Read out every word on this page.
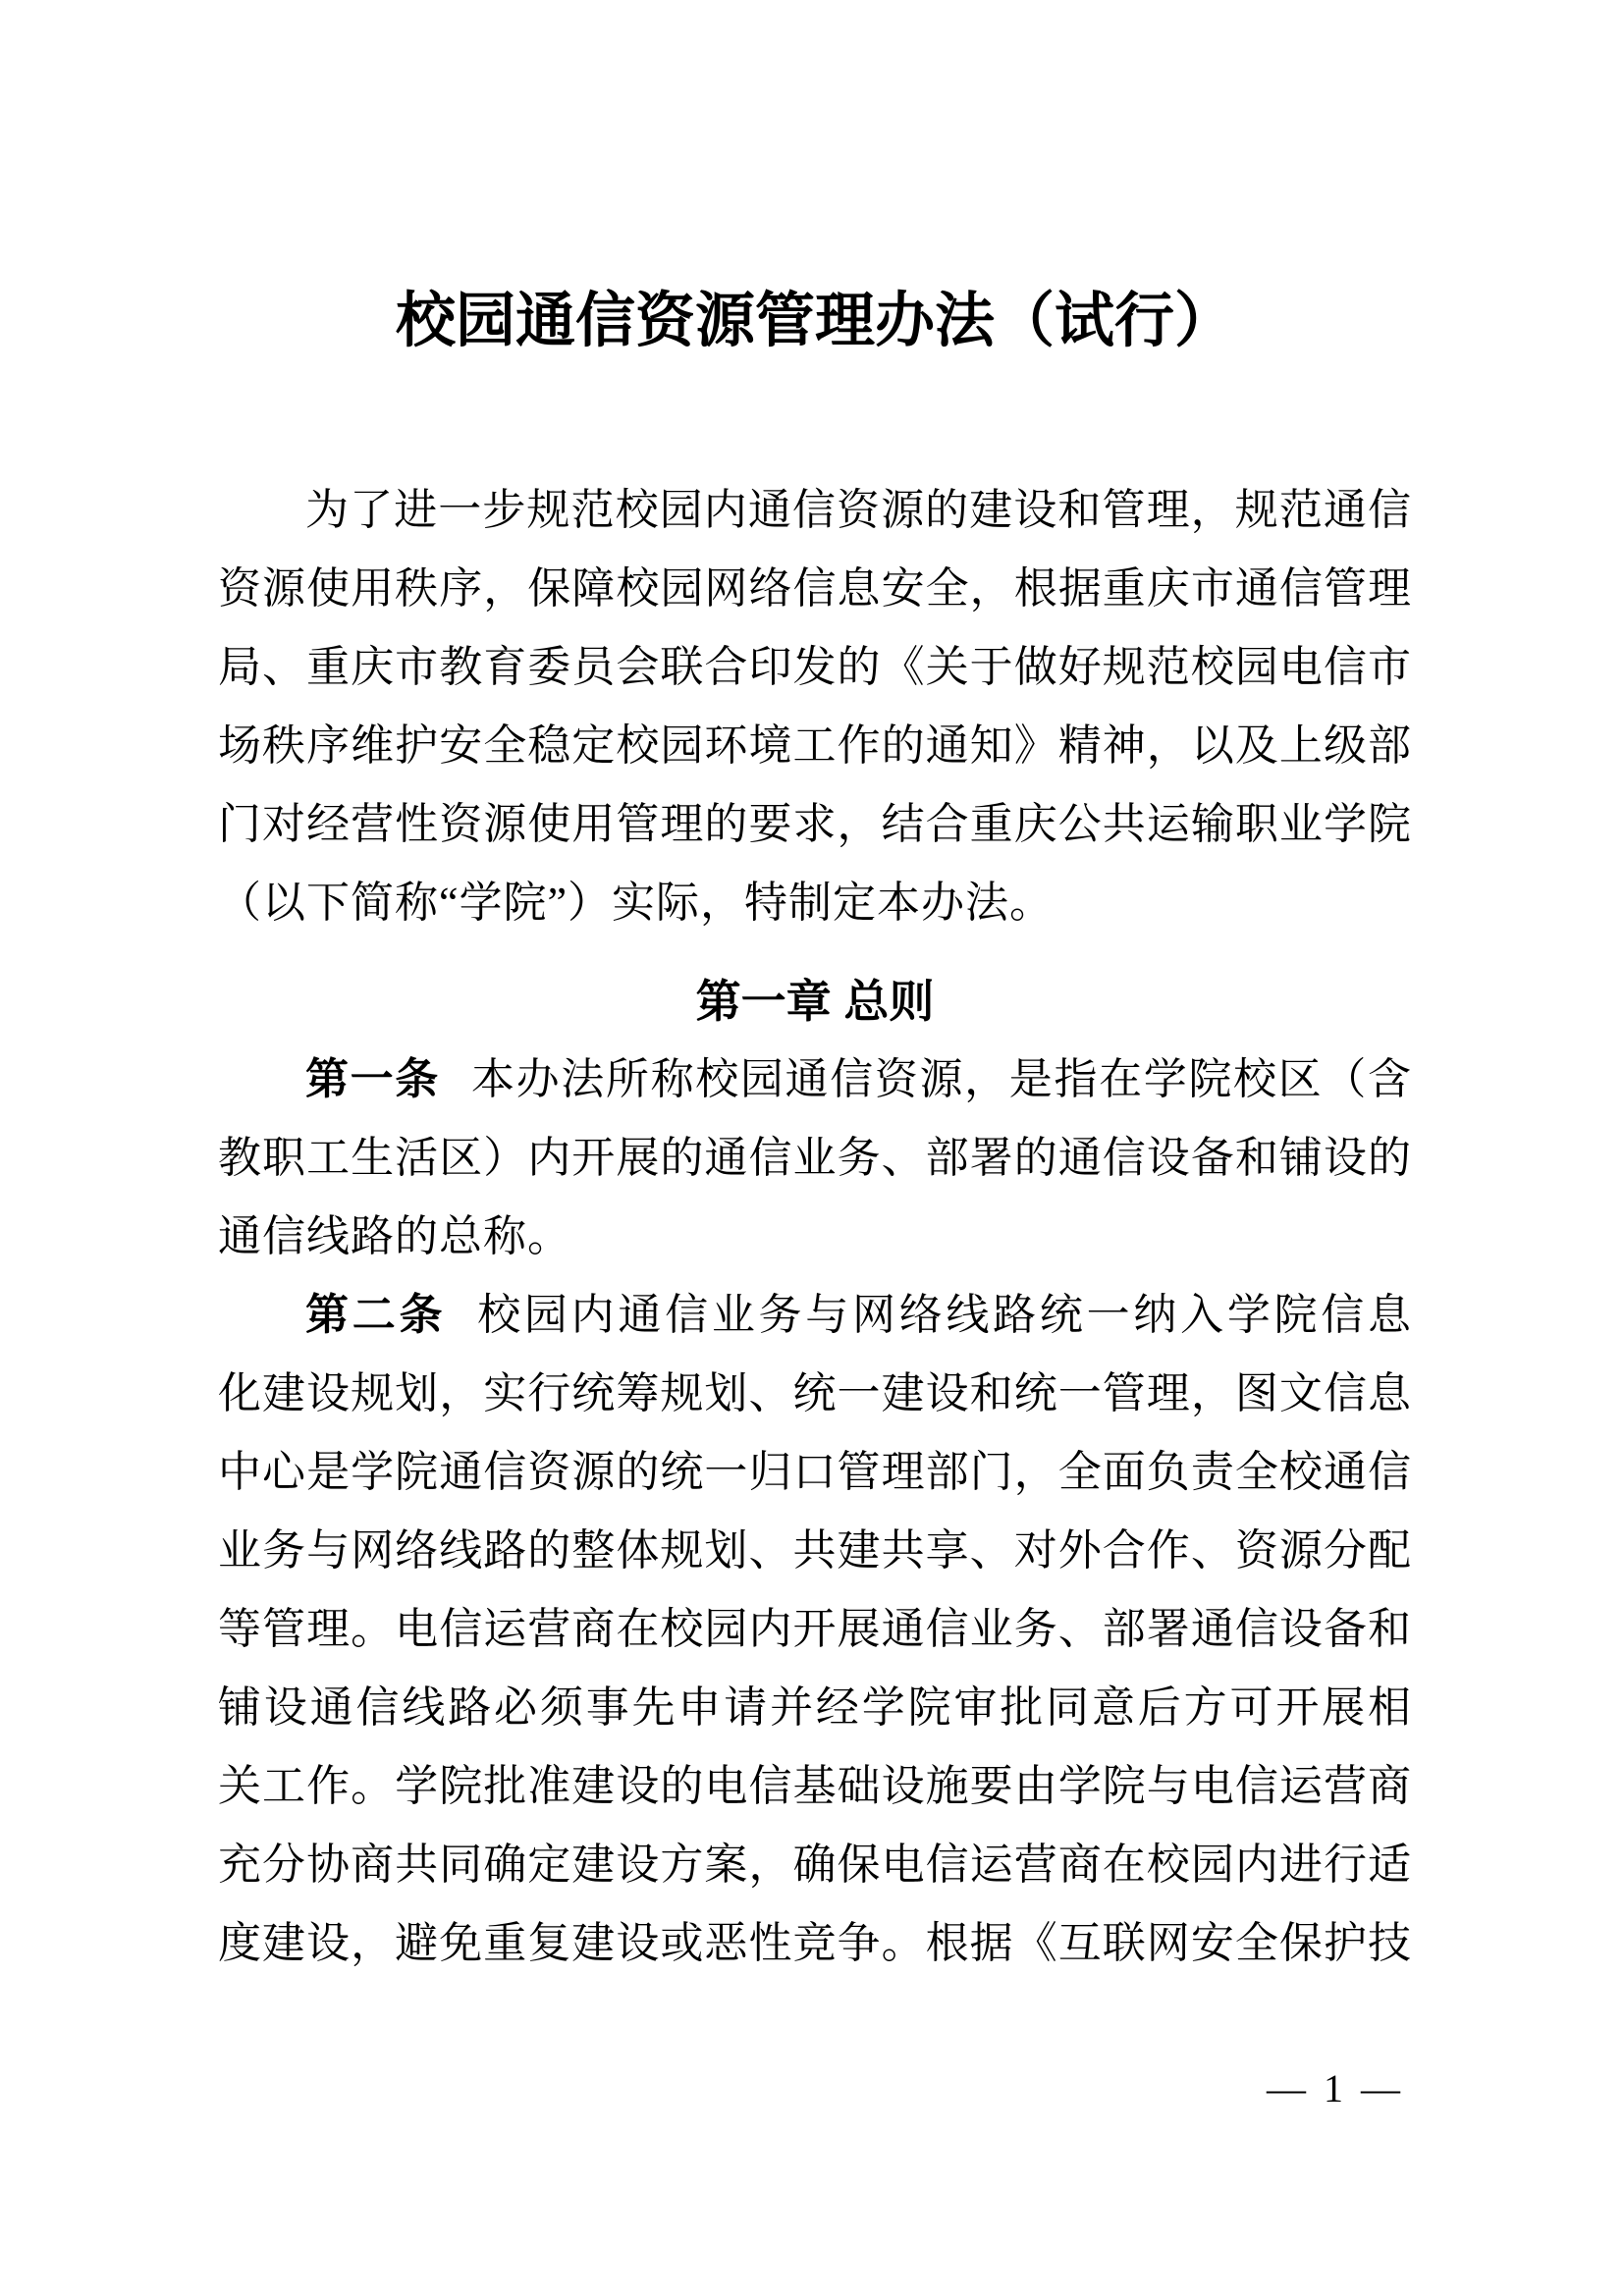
校园通信资源管理办法（试行）
为了进一步规范校园内通信资源的建设和管理，规范通信
资源使用秩序，保障校园网络信息安全，根据重庆市通信管理
局、重庆市教育委员会联合印发的《关于做好规范校园电信市
场秩序维护安全稳定校园环境工作的通知》精神，以及上级部
门对经营性资源使用管理的要求，结合重庆公共运输职业学院
（以下简称“学院”）实际，特制定本办法。
第一章 总则
第一条 本办法所称校园通信资源，是指在学院校区（含
教职工生活区）内开展的通信业务、部署的通信设备和铺设的
通信线路的总称。
第二条 校园内通信业务与网络线路统一纳入学院信息
化建设规划，实行统筹规划、统一建设和统一管理，图文信息
中心是学院通信资源的统一归口管理部门，全面负责全校通信
业务与网络线路的整体规划、共建共享、对外合作、资源分配
等管理。电信运营商在校园内开展通信业务、部署通信设备和
铺设通信线路必须事先申请并经学院审批同意后方可开展相
关工作。学院批准建设的电信基础设施要由学院与电信运营商
充分协商共同确定建设方案，确保电信运营商在校园内进行适
度建设，避免重复建设或恶性竞争。根据《互联网安全保护技
— 1 —
